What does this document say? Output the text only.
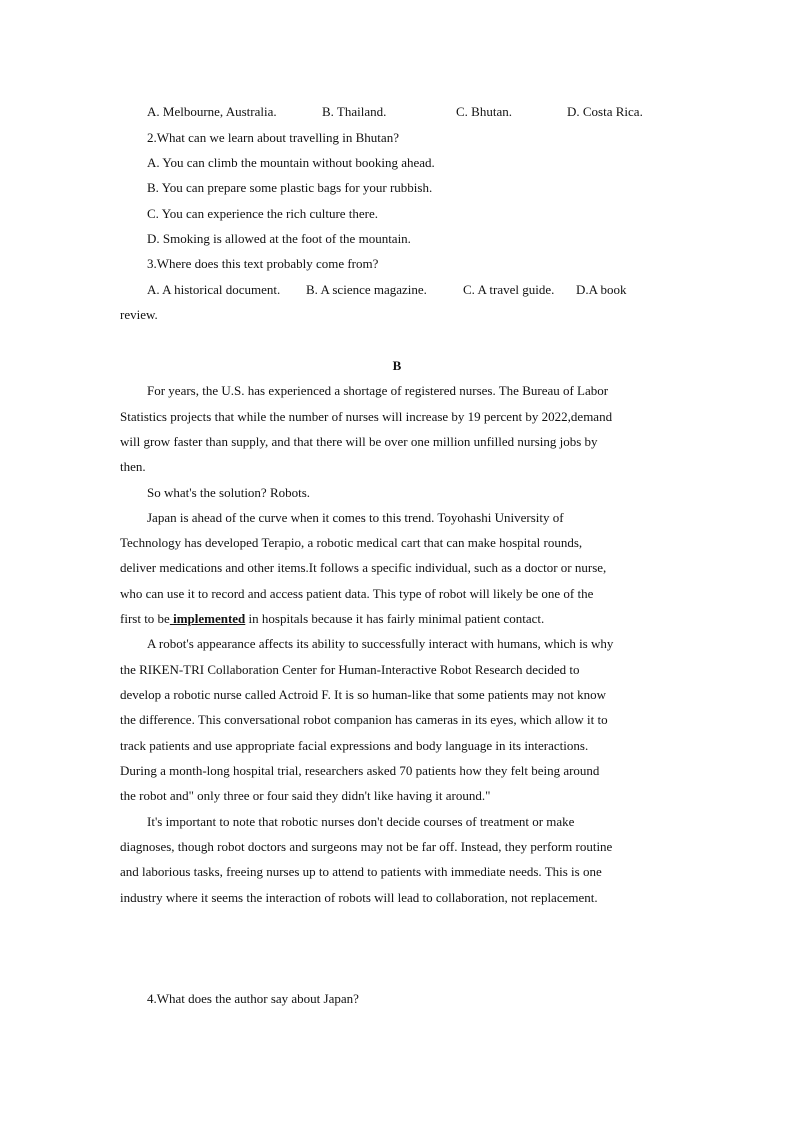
A. Melbourne, Australia.	B. Thailand.	C. Bhutan.	D. Costa Rica.
2.What can we learn about travelling in Bhutan?
A. You can climb the mountain without booking ahead.
B. You can prepare some plastic bags for your rubbish.
C. You can experience the rich culture there.
D. Smoking is allowed at the foot of the mountain.
3.Where does this text probably come from?
A. A historical document. B. A science magazine.	C. A travel guide. D.A book
review.
B
For years, the U.S. has experienced a shortage of registered nurses. The Bureau of Labor
Statistics projects that while the number of nurses will increase by 19 percent by 2022,demand
will grow faster than supply, and that there will be over one million unfilled nursing jobs by
then.
So what's the solution? Robots.
Japan is ahead of the curve when it comes to this trend. Toyohashi University of
Technology has developed Terapio, a robotic medical cart that can make hospital rounds,
deliver medications and other items.It follows a specific individual, such as a doctor or nurse,
who can use it to record and access patient data. This type of robot will likely be one of the
first to be implemented in hospitals because it has fairly minimal patient contact.
A robot's appearance affects its ability to successfully interact with humans, which is why
the RIKEN-TRI Collaboration Center for Human-Interactive Robot Research decided to
develop a robotic nurse called Actroid F. It is so human-like that some patients may not know
the difference. This conversational robot companion has cameras in its eyes, which allow it to
track patients and use appropriate facial expressions and body language in its interactions.
During a month-long hospital trial, researchers asked 70 patients how they felt being around
the robot and" only three or four said they didn't like having it around."
It's important to note that robotic nurses don't decide courses of treatment or make
diagnoses, though robot doctors and surgeons may not be far off. Instead, they perform routine
and laborious tasks, freeing nurses up to attend to patients with immediate needs. This is one
industry where it seems the interaction of robots will lead to collaboration, not replacement.
4.What does the author say about Japan?
